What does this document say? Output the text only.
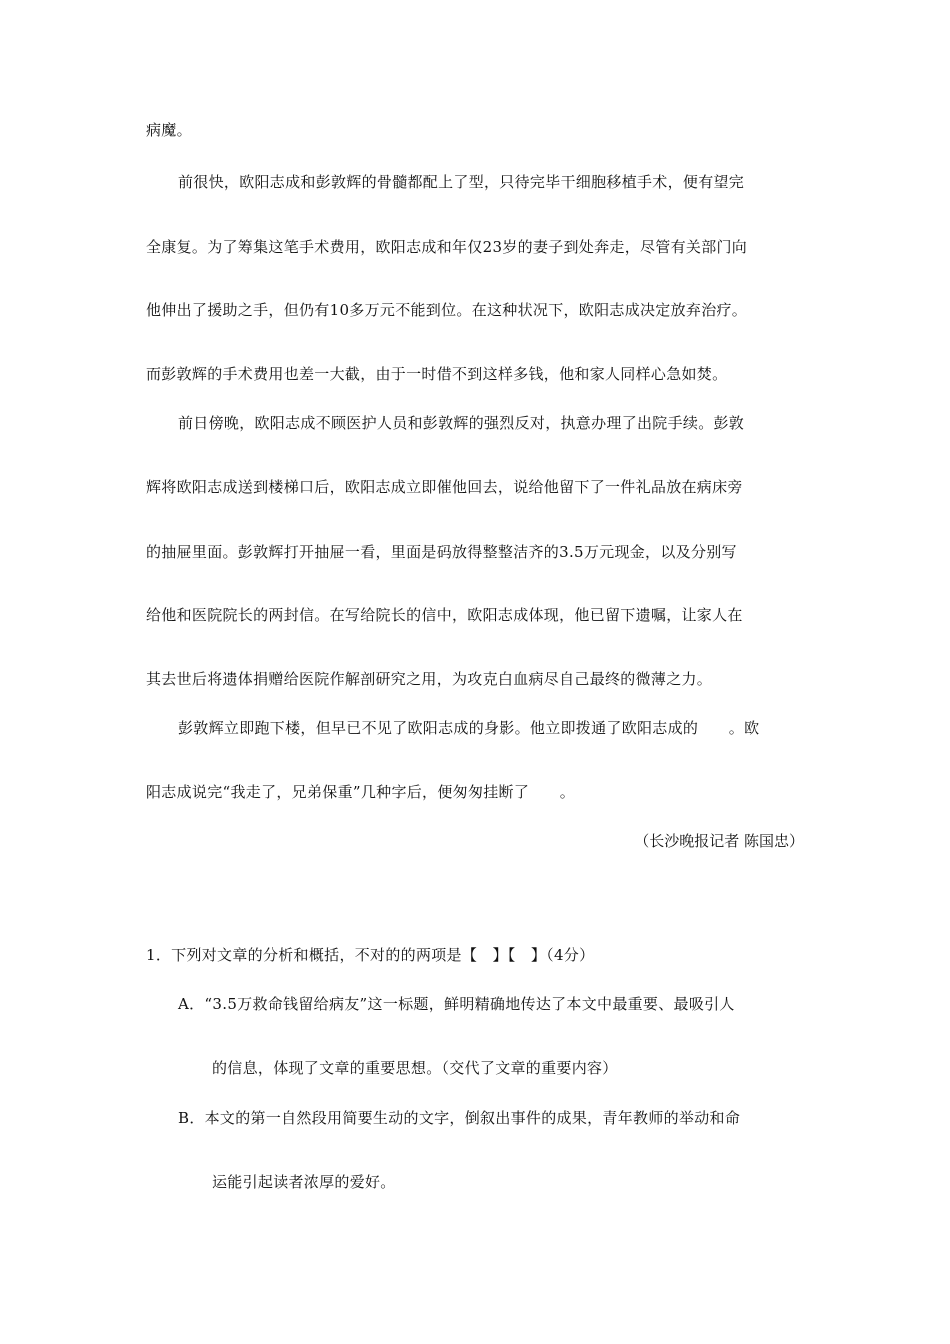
病魔。
前很快，欧阳志成和彭敦辉的骨髓都配上了型，只待完毕干细胞移植手术，便有望完
全康复。为了筹集这笔手术费用，欧阳志成和年仅23岁的妻子到处奔走，尽管有关部门向
他伸出了援助之手，但仍有10多万元不能到位。在这种状况下，欧阳志成决定放弃治疗。
而彭敦辉的手术费用也差一大截，由于一时借不到这样多钱，他和家人同样心急如焚。
前日傍晚，欧阳志成不顾医护人员和彭敦辉的强烈反对，执意办理了出院手续。彭敦
辉将欧阳志成送到楼梯口后，欧阳志成立即催他回去，说给他留下了一件礼品放在病床旁
的抽屉里面。彭敦辉打开抽屉一看，里面是码放得整整洁齐的3.5万元现金，以及分别写
给他和医院院长的两封信。在写给院长的信中，欧阳志成体现，他已留下遗嘱，让家人在
其去世后将遗体捐赠给医院作解剖研究之用，为攻克白血病尽自己最终的微薄之力。
彭敦辉立即跑下楼，但早已不见了欧阳志成的身影。他立即拨通了欧阳志成的　　。欧
阳志成说完“我走了，兄弟保重”几种字后，便匆匆挂断了　　。
（长沙晚报记者 陈国忠）
1．下列对文章的分析和概括，不对的的两项是【　】【　】（4分）
A．“3.5万救命钱留给病友”这一标题，鲜明精确地传达了本文中最重要、最吸引人
的信息，体现了文章的重要思想。（交代了文章的重要内容）
B．本文的第一自然段用简要生动的文字，倒叙出事件的成果，青年教师的举动和命
运能引起读者浓厚的爱好。
